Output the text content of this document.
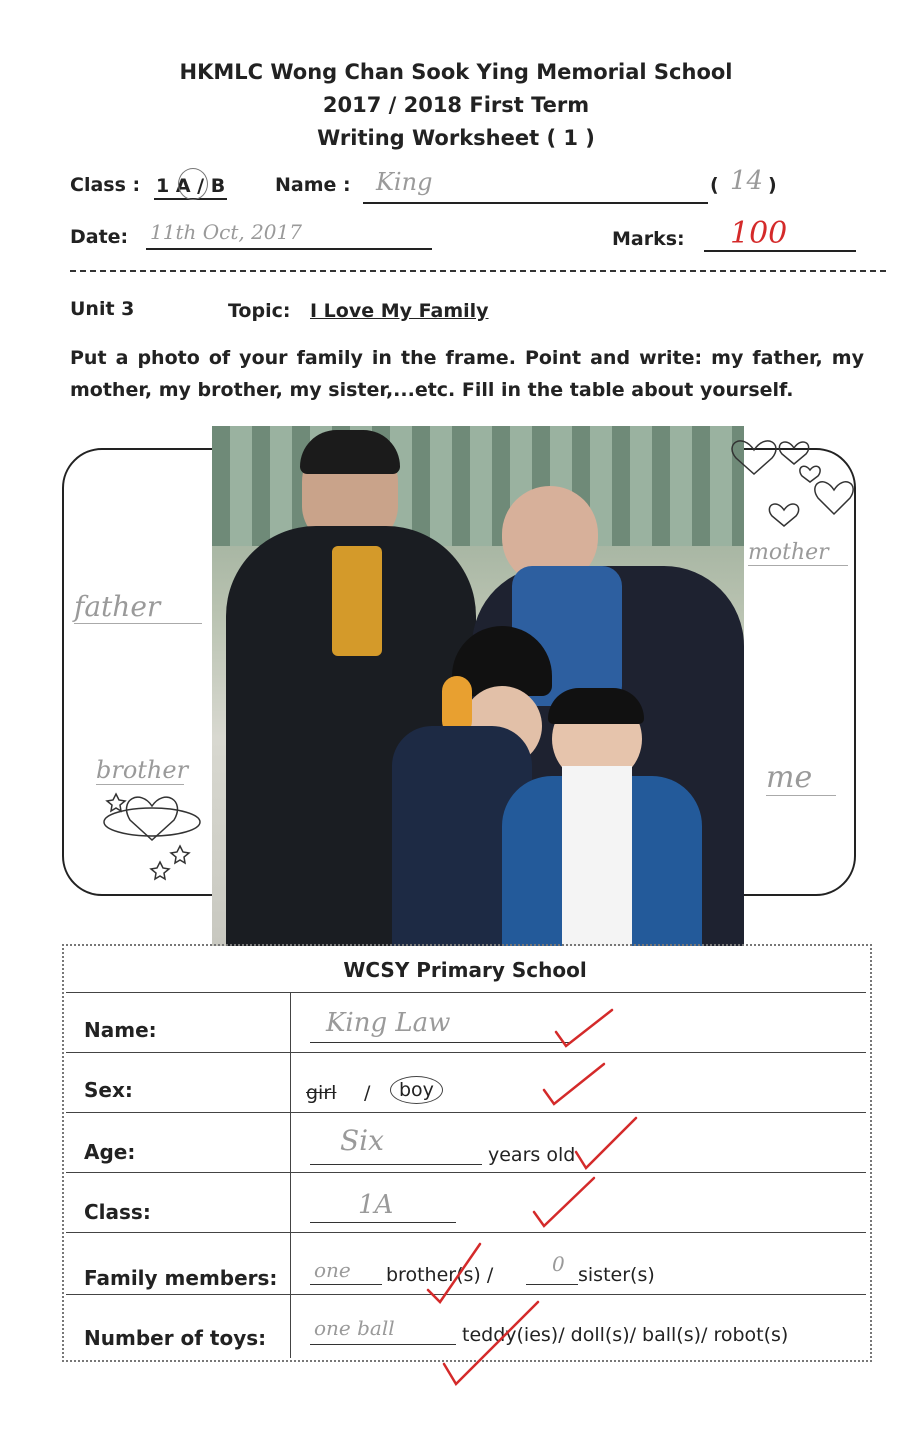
HKMLC Wong Chan Sook Ying Memorial School
2017 / 2018 First Term
Writing Worksheet ( 1 )
Class : 1 A / B	Name : King	( 14 )
Date: 11th Oct, 2017	Marks: 100
Unit 3	Topic: I Love My Family
Put a photo of your family in the frame. Point and write: my father, my mother, my brother, my sister,...etc. Fill in the table about yourself.
father
mother
brother	me
WCSY Primary School
Name:	King Law
Sex:	girl /	boy
Age:	Six	years old
Class:	1A
Family members: one brother(s) /	0 sister(s)
Number of toys: one ball	teddy(ies)/ doll(s)/ ball(s)/ robot(s)
